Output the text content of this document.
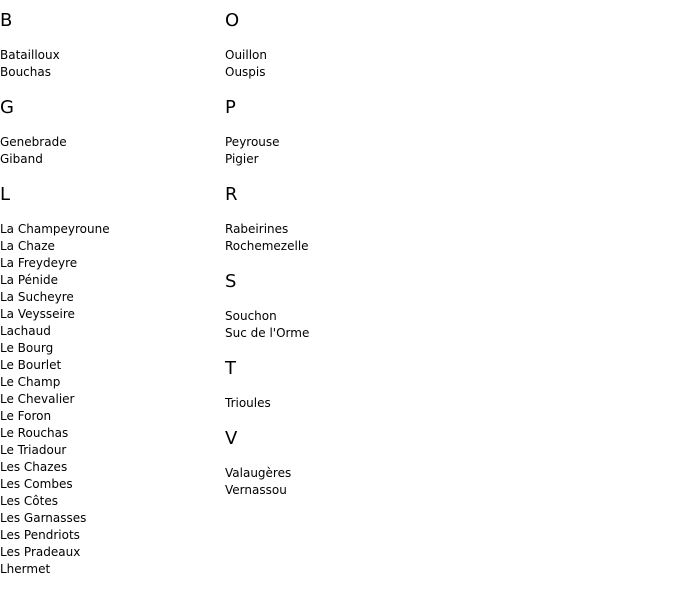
B
Batailloux
Bouchas
G
Genebrade
Giband
L
La Champeyroune
La Chaze
La Freydeyre
La Pénide
La Sucheyre
La Veysseire
Lachaud
Le Bourg
Le Bourlet
Le Champ
Le Chevalier
Le Foron
Le Rouchas
Le Triadour
Les Chazes
Les Combes
Les Côtes
Les Garnasses
Les Pendriots
Les Pradeaux
Lhermet
O
Ouillon
Ouspis
P
Peyrouse
Pigier
R
Rabeirines
Rochemezelle
S
Souchon
Suc de l'Orme
T
Trioules
V
Valaugères
Vernassou
